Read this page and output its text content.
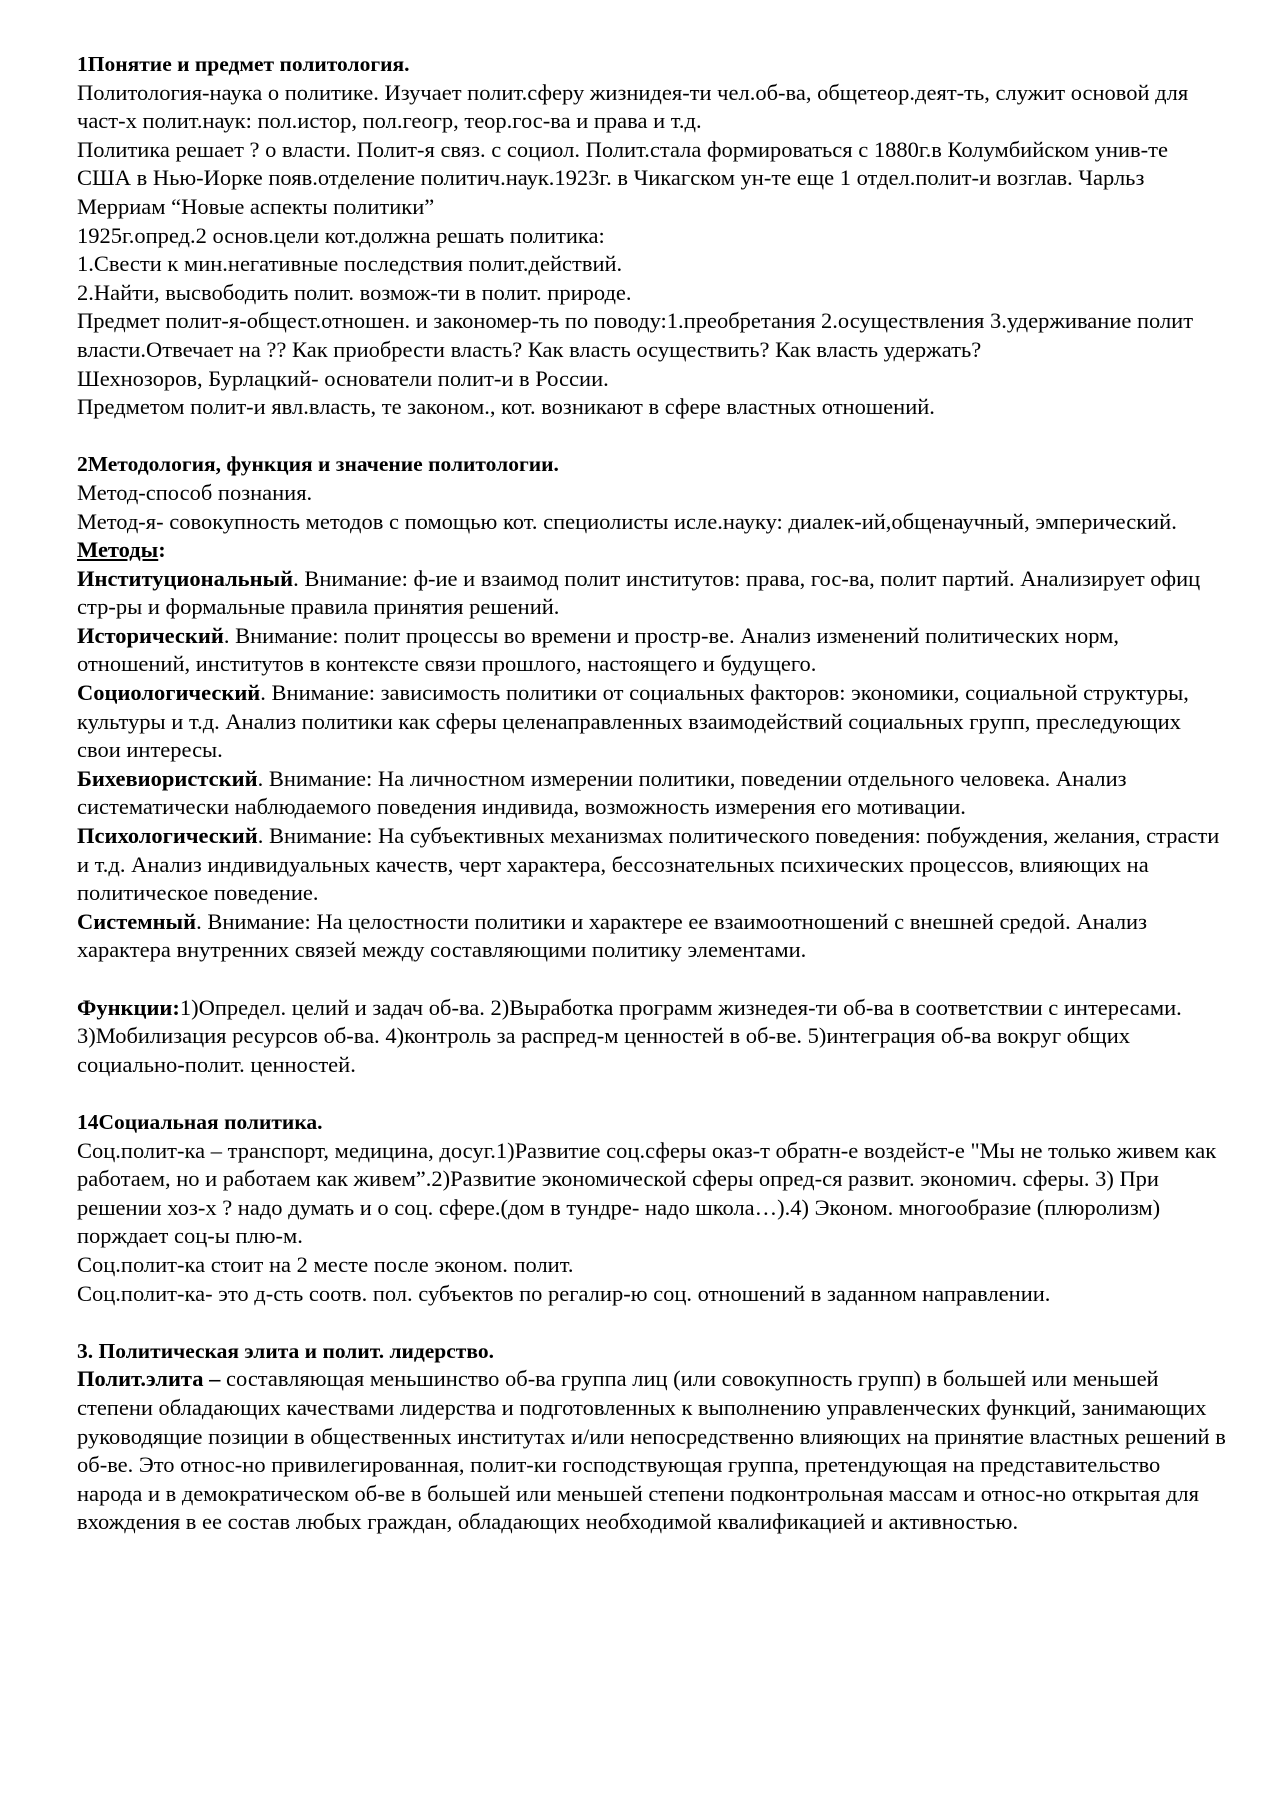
1Понятие и предмет политология.

Политология-наука о политике. Изучает полит.сферу жизнидея-ти чел.об-ва, общетеор.деят-ть, служит основой для част-х полит.наук: пол.истор, пол.геогр, теор.гос-ва и права и т.д.

Политика решает ? о власти. Полит-я связ. с социол. Полит.стала формироваться с 1880г.в Колумбийском унив-те США в Нью-Иорке появ.отделение политич.наук.1923г. в Чикагском ун-те еще 1 отдел.полит-и возглав. Чарльз Мерриам “Новые аспекты политики”

1925г.опред.2 основ.цели кот.должна решать политика:

1.Свести к мин.негативные последствия полит.действий.

2.Найти, высвободить полит. возмож-ти в полит. природе.

Предмет полит-я-общест.отношен. и закономер-ть по поводу:1.преобретания 2.осуществления 3.удерживание полит власти.Отвечает на ?? Как приобрести власть? Как власть осуществить? Как власть удержать?

Шехнозоров, Бурлацкий- основатели полит-и в России.

Предметом полит-и явл.власть, те законом., кот. возникают в сфере властных отношений.

2Методология, функция и значение политологии.

Метод-способ познания.

Метод-я- совокупность методов с помощью кот. специолисты исле.науку: диалек-ий,общенаучный, эмперический.

Методы:

Институциональный. Внимание: ф-ие и взаимод полит институтов: права, гос-ва, полит партий. Анализирует офиц стр-ры и формальные правила принятия решений.

Исторический. Внимание: полит процессы во времени и простр-ве. Анализ изменений политических норм, отношений, институтов в контексте связи прошлого, настоящего и будущего.

Социологический. Внимание: зависимость политики от социальных факторов: экономики, социальной структуры, культуры и т.д. Анализ политики как сферы целенаправленных взаимодействий социальных групп, преследующих свои интересы.

Бихевиористский. Внимание: На личностном измерении политики, поведении отдельного человека. Анализ систематически наблюдаемого поведения индивида, возможность измерения его мотивации.

Психологический. Внимание: На субъективных механизмах политического поведения: побуждения, желания, страсти и т.д. Анализ индивидуальных качеств, черт характера, бессознательных психических процессов, влияющих на политическое поведение.

Системный. Внимание: На целостности политики и характере ее взаимоотношений с внешней средой. Анализ характера внутренних связей между составляющими политику элементами.

Функции:1)Определ. целий и задач об-ва. 2)Выработка программ жизнедея-ти об-ва в соответствии с интересами. 3)Мобилизация ресурсов об-ва. 4)контроль за распред-м ценностей в об-ве. 5)интеграция об-ва вокруг общих социально-полит. ценностей.

14Социальная политика.

Соц.полит-ка – транспорт, медицина, досуг.1)Развитие соц.сферы оказ-т обратн-е воздейст-е "Мы не только живем как работаем, но и работаем как живем”.2)Развитие экономической сферы опред-ся развит. экономич. сферы. 3) При решении хоз-х ? надо думать и о соц. сфере.(дом в тундре- надо школа…).4) Эконом. многообразие (плюролизм) порждает соц-ы плю-м.

Соц.полит-ка стоит на 2 месте после эконом. полит.

Соц.полит-ка- это д-сть соотв. пол. субъектов по регалир-ю соц. отношений в заданном направлении.

3. Политическая элита и полит. лидерство.

Полит.элита – составляющая меньшинство об-ва группа лиц (или совокупность групп) в большей или меньшей степени обладающих качествами лидерства и подготовленных к выполнению управленческих функций, занимающих руководящие позиции в общественных институтах и/или непосредственно влияющих на принятие властных решений в об-ве. Это относ-но привилегированная, полит-ки господствующая группа, претендующая на представительство народа и в демократическом об-ве в большей или меньшей степени подконтрольная массам и относ-но открытая для вхождения в ее состав любых граждан, обладающих необходимой квалификацией и активностью.
